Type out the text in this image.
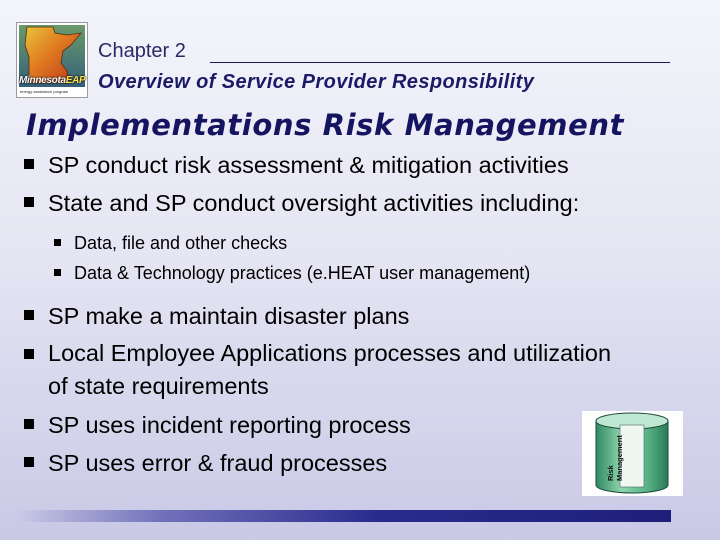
MinnesotaEAP
energy assistance program
Chapter 2
Overview of Service Provider Responsibility
Implementations Risk Management
SP conduct risk assessment & mitigation activities
State and SP conduct oversight activities including:
Data, file and other checks
Data & Technology practices (e.HEAT user management)
SP make a maintain disaster plans
Local Employee Applications processes and utilization of state requirements
SP uses incident reporting process
SP uses error & fraud processes	Risk Management
